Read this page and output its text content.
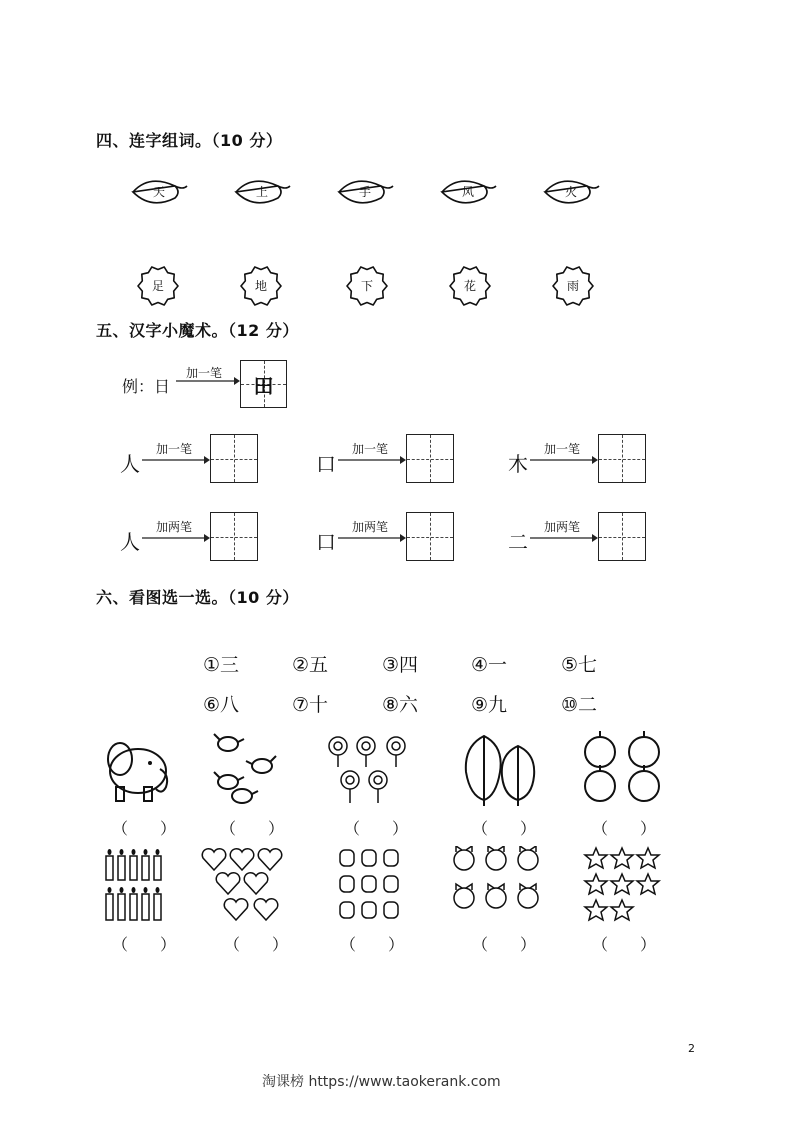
四、连字组词。（10 分）
天	上	手	风	火
足	地	下	花	雨
五、汉字小魔术。（12 分）
例：日
加一笔
田
人
加一笔
口
加一笔
木
加一笔
人
加两笔
口
加两笔
二
加两笔
六、看图选一选。（10 分）
①三	②五	③四	④一	⑤七
⑥八	⑦十	⑧六	⑨九	⑩二
（　　）	（　　）	（　　）	（　　）	（　　）
（　　）	（　　）	（　　）	（　　）	（　　）
2
淘课榜 https://www.taokerank.com
